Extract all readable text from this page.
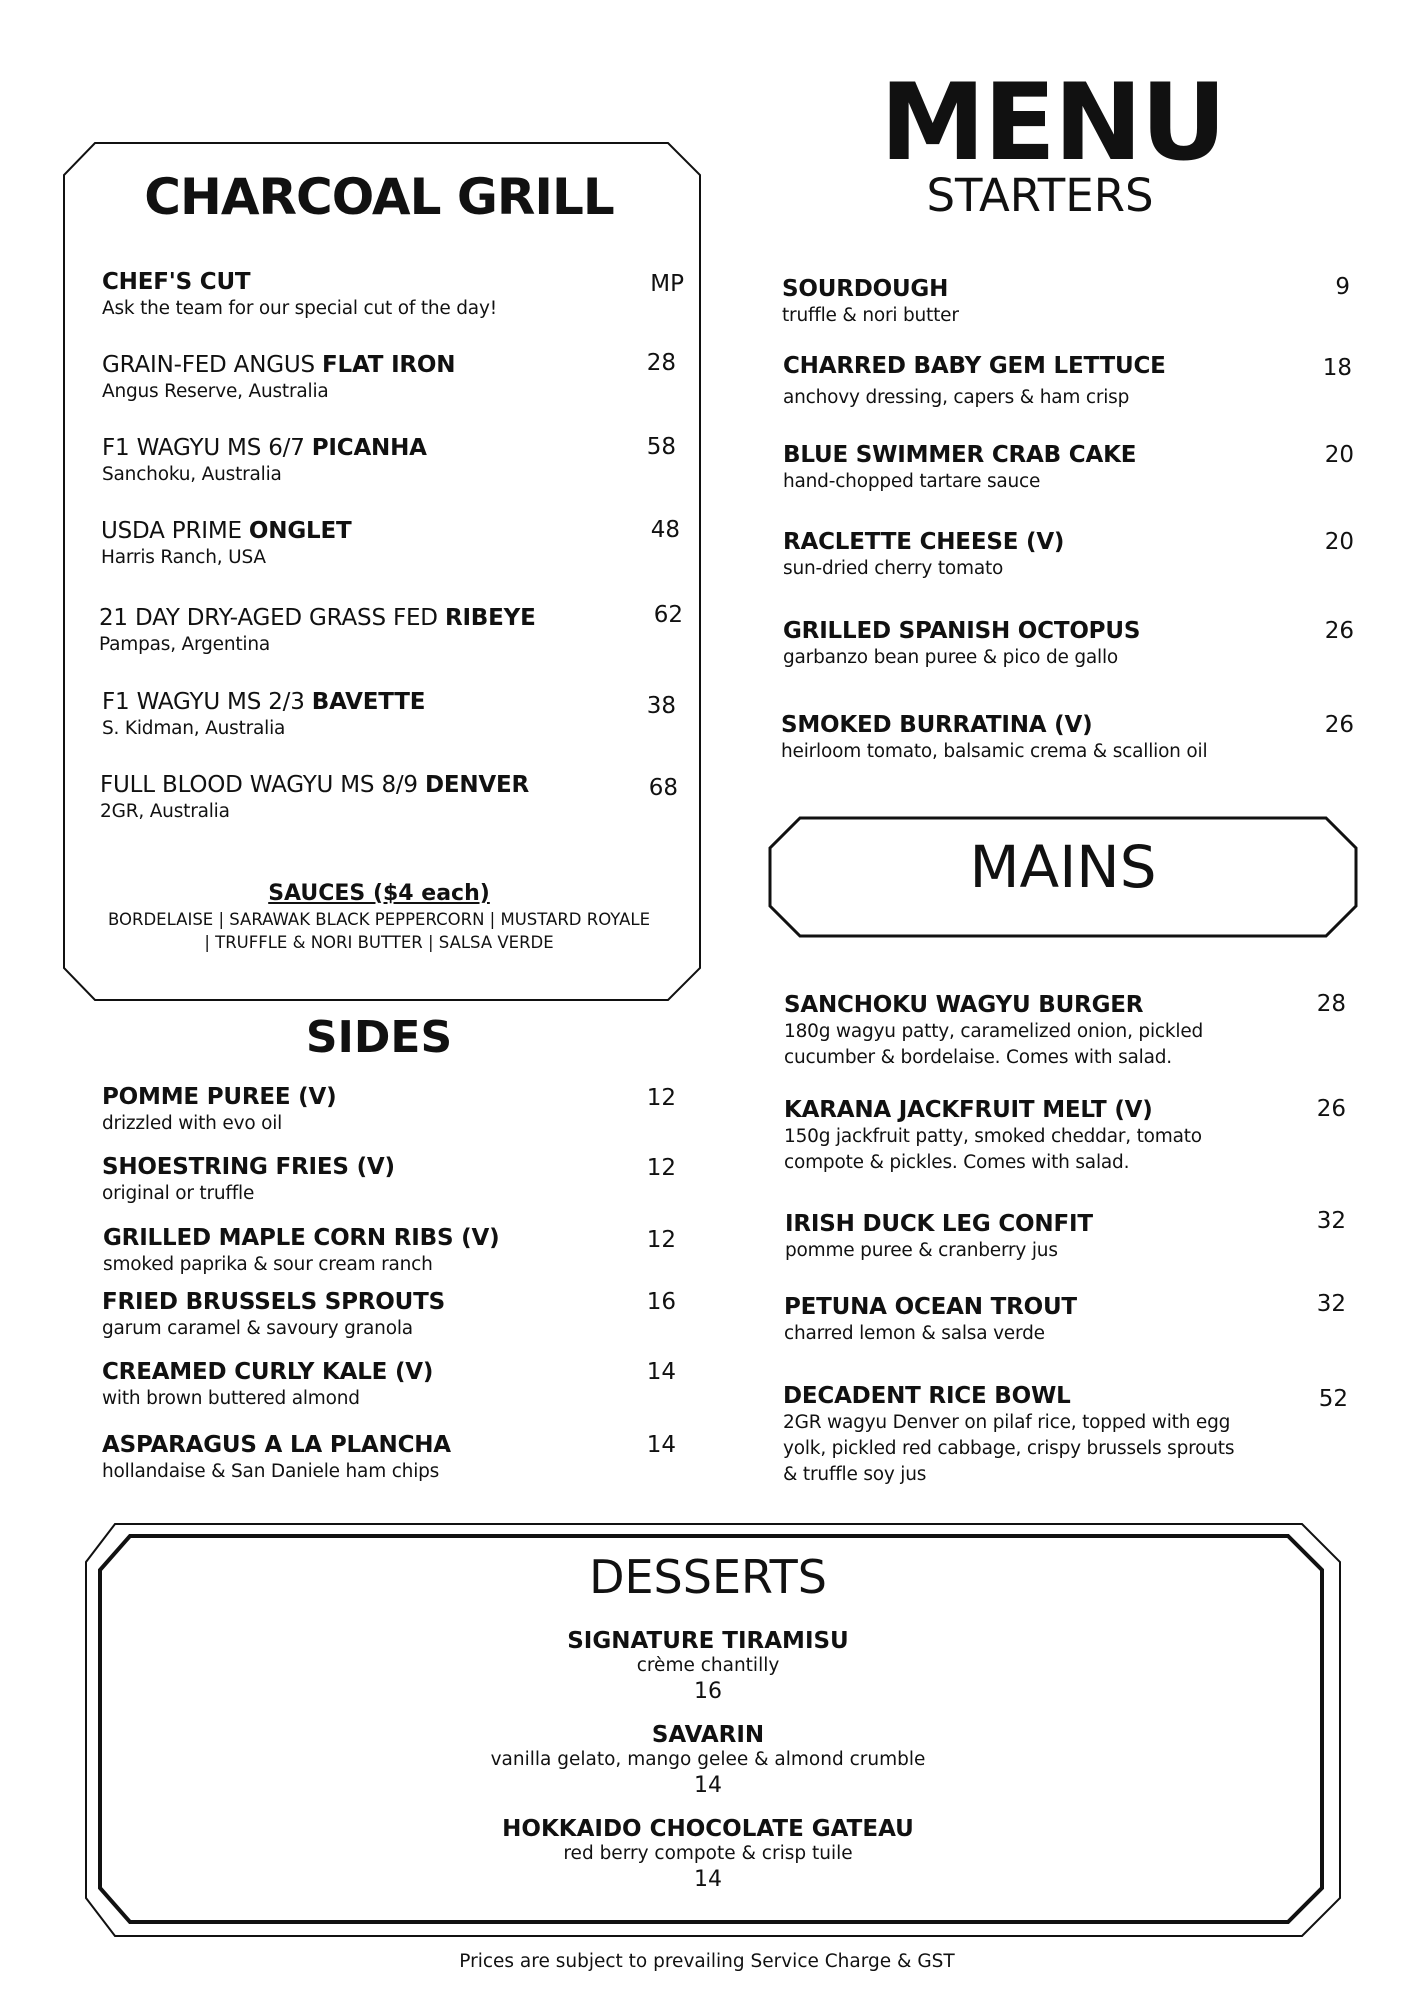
MENU
STARTERS
CHARCOAL GRILL
SIDES
MAINS
DESSERTS
CHEF'S CUT
Ask the team for our special cut of the day!
MP
GRAIN-FED ANGUS FLAT IRON
Angus Reserve, Australia
28
F1 WAGYU MS 6/7 PICANHA
Sanchoku, Australia
58
USDA PRIME ONGLET
Harris Ranch, USA
48
21 DAY DRY-AGED GRASS FED RIBEYE
Pampas, Argentina
62
F1 WAGYU MS 2/3 BAVETTE
S. Kidman, Australia
38
FULL BLOOD WAGYU MS 8/9 DENVER
2GR, Australia
68
SAUCES ($4 each)
BORDELAISE | SARAWAK BLACK PEPPERCORN | MUSTARD ROYALE
| TRUFFLE & NORI BUTTER | SALSA VERDE
POMME PUREE (V)
drizzled with evo oil
12
SHOESTRING FRIES (V)
original or truffle
12
GRILLED MAPLE CORN RIBS (V)
smoked paprika & sour cream ranch
12
FRIED BRUSSELS SPROUTS
garum caramel & savoury granola
16
CREAMED CURLY KALE (V)
with brown buttered almond
14
ASPARAGUS A LA PLANCHA
hollandaise & San Daniele ham chips
14
SOURDOUGH
truffle & nori butter
9
CHARRED BABY GEM LETTUCE
anchovy dressing, capers & ham crisp
18
BLUE SWIMMER CRAB CAKE
hand-chopped tartare sauce
20
RACLETTE CHEESE (V)
sun-dried cherry tomato
20
GRILLED SPANISH OCTOPUS
garbanzo bean puree & pico de gallo
26
SMOKED BURRATINA (V)
heirloom tomato, balsamic crema & scallion oil
26
SANCHOKU WAGYU BURGER
180g wagyu patty, caramelized onion, pickled
cucumber & bordelaise. Comes with salad.
28
KARANA JACKFRUIT MELT (V)
150g jackfruit patty, smoked cheddar, tomato
compote & pickles. Comes with salad.
26
IRISH DUCK LEG CONFIT
pomme puree & cranberry jus
32
PETUNA OCEAN TROUT
charred lemon & salsa verde
32
DECADENT RICE BOWL
2GR wagyu Denver on pilaf rice, topped with egg
yolk, pickled red cabbage, crispy brussels sprouts
& truffle soy jus
52
SIGNATURE TIRAMISU
crème chantilly
16
SAVARIN
vanilla gelato, mango gelee & almond crumble
14
HOKKAIDO CHOCOLATE GATEAU
red berry compote & crisp tuile
14
Prices are subject to prevailing Service Charge & GST
